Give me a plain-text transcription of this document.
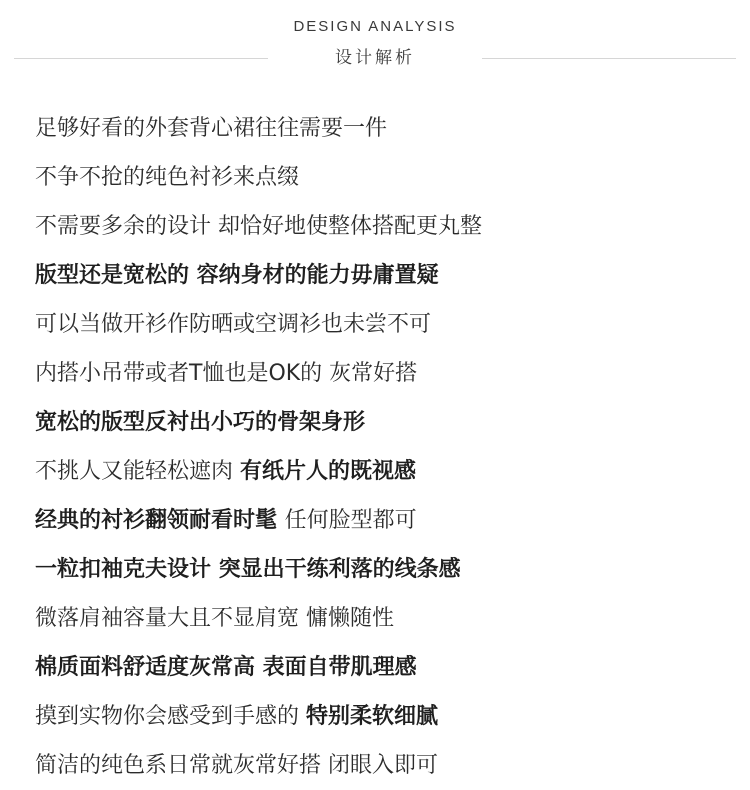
DESIGN ANALYSIS
设计解析
足够好看的外套背心裙往往需要一件
不争不抢的纯色衬衫来点缀
不需要多余的设计 却恰好地使整体搭配更丸整
版型还是宽松的 容纳身材的能力毋庸置疑
可以当做开衫作防晒或空调衫也未尝不可
内搭小吊带或者T恤也是OK的 灰常好搭
宽松的版型反衬出小巧的骨架身形
不挑人又能轻松遮肉 有纸片人的既视感
经典的衬衫翻领耐看时髦 任何脸型都可
一粒扣袖克夫设计 突显出干练利落的线条感
微落肩袖容量大且不显肩宽 慵懒随性
棉质面料舒适度灰常高 表面自带肌理感
摸到实物你会感受到手感的 特别柔软细腻
简洁的纯色系日常就灰常好搭 闭眼入即可
